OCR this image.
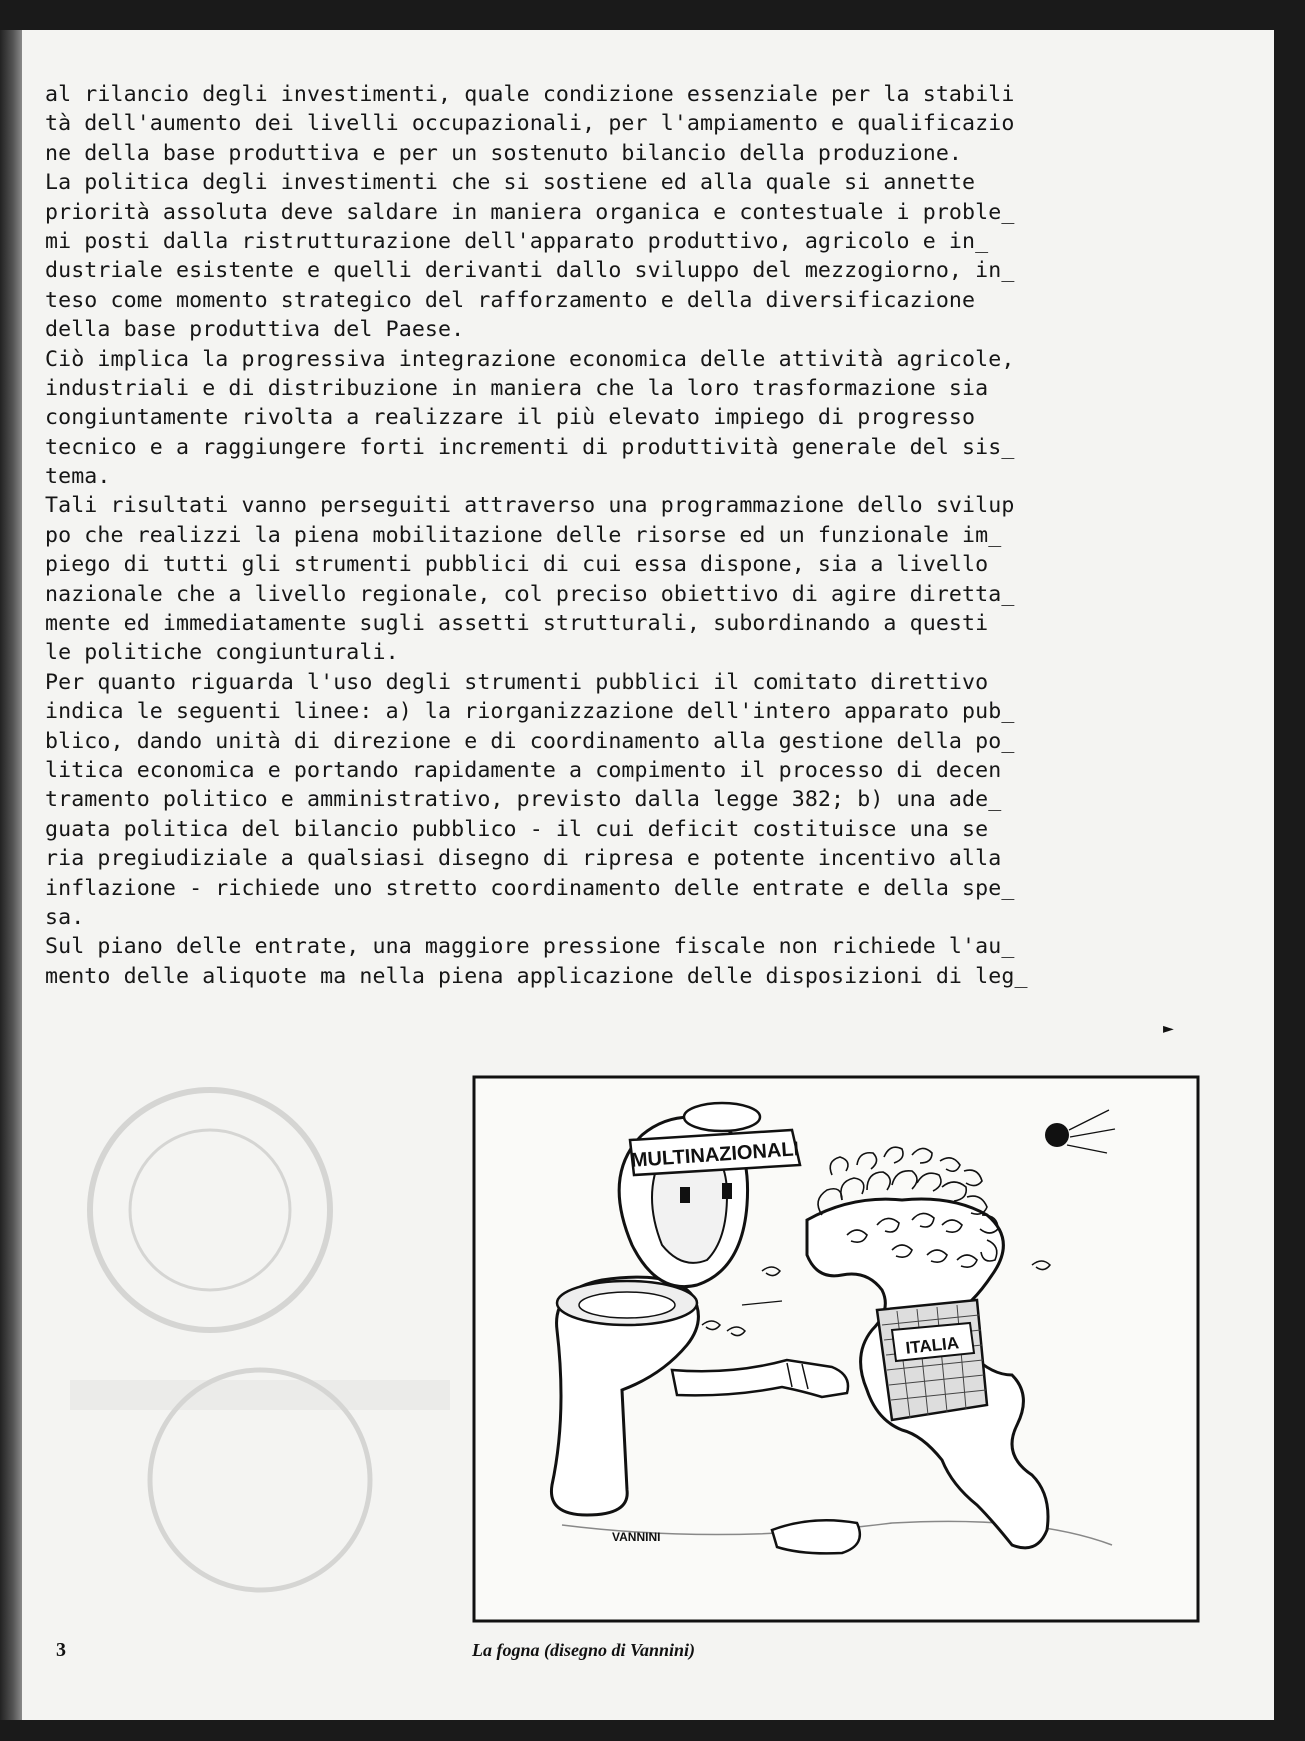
al rilancio degli investimenti, quale condizione essenziale per la stabili
tà dell'aumento dei livelli occupazionali, per l'ampiamento e qualificazio
ne della base produttiva e per un sostenuto bilancio della produzione.
La politica degli investimenti che si sostiene ed alla quale si annette
priorità assoluta deve saldare in maniera organica e contestuale i proble_
mi posti dalla ristrutturazione dell'apparato produttivo, agricolo e in_
dustriale esistente e quelli derivanti dallo sviluppo del mezzogiorno, in_
teso come momento strategico del rafforzamento e della diversificazione
della base produttiva del Paese.
Ciò implica la progressiva integrazione economica delle attività agricole,
industriali e di distribuzione in maniera che la loro trasformazione sia
congiuntamente rivolta a realizzare il più elevato impiego di progresso
tecnico e a raggiungere forti incrementi di produttività generale del sis_
tema.
Tali risultati vanno perseguiti attraverso una programmazione dello svilup
po che realizzi la piena mobilitazione delle risorse ed un funzionale im_
piego di tutti gli strumenti pubblici di cui essa dispone, sia a livello
nazionale che a livello regionale, col preciso obiettivo di agire diretta_
mente ed immediatamente sugli assetti strutturali, subordinando a questi
le politiche congiunturali.
Per quanto riguarda l'uso degli strumenti pubblici il comitato direttivo
indica le seguenti linee: a) la riorganizzazione dell'intero apparato pub_
blico, dando unità di direzione e di coordinamento alla gestione della po_
litica economica e portando rapidamente a compimento il processo di decen
tramento politico e amministrativo, previsto dalla legge 382; b) una ade_
guata politica del bilancio pubblico - il cui deficit costituisce una se
ria pregiudiziale a qualsiasi disegno di ripresa e potente incentivo alla
inflazione - richiede uno stretto coordinamento delle entrate e della spe_
sa.
Sul piano delle entrate, una maggiore pressione fiscale non richiede l'au_
mento delle aliquote ma nella piena applicazione delle disposizioni di leg_
►
MULTINAZIONALI
ITALIA
VANNINI
3	La fogna (disegno di Vannini)
